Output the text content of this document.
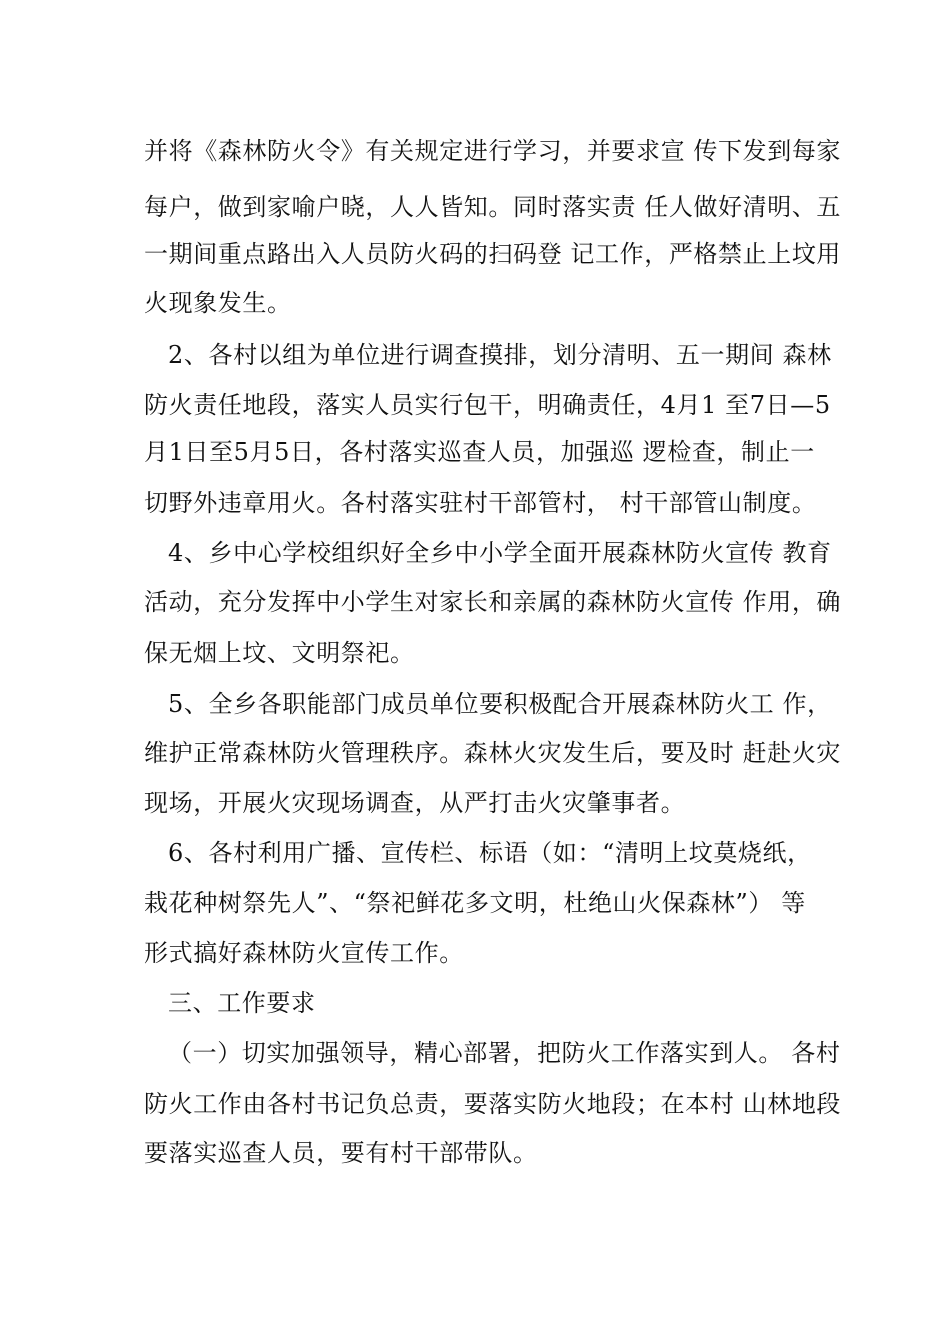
并将《森林防火令》有关规定进行学习，并要求宣 传下发到每家
每户，做到家喻户晓，人人皆知。同时落实责 任人做好清明、五
一期间重点路出入人员防火码的扫码登 记工作，严格禁止上坟用
火现象发生。
2、各村以组为单位进行调查摸排，划分清明、五一期间 森林
防火责任地段，落实人员实行包干，明确责任，4月1 至7日—5
月1日至5月5日，各村落实巡查人员，加强巡 逻检查，制止一
切野外违章用火。各村落实驻村干部管村， 村干部管山制度。
4、乡中心学校组织好全乡中小学全面开展森林防火宣传 教育
活动，充分发挥中小学生对家长和亲属的森林防火宣传 作用，确
保无烟上坟、文明祭祀。
5、全乡各职能部门成员单位要积极配合开展森林防火工 作，
维护正常森林防火管理秩序。森林火灾发生后，要及时 赶赴火灾
现场，开展火灾现场调查，从严打击火灾肇事者。
6、各村利用广播、宣传栏、标语（如：“清明上坟莫烧纸，
栽花种树祭先人”、“祭祀鲜花多文明，杜绝山火保森林”） 等
形式搞好森林防火宣传工作。
三、工作要求
（一）切实加强领导，精心部署，把防火工作落实到人。 各村
防火工作由各村书记负总责，要落实防火地段；在本村 山林地段
要落实巡查人员，要有村干部带队。
